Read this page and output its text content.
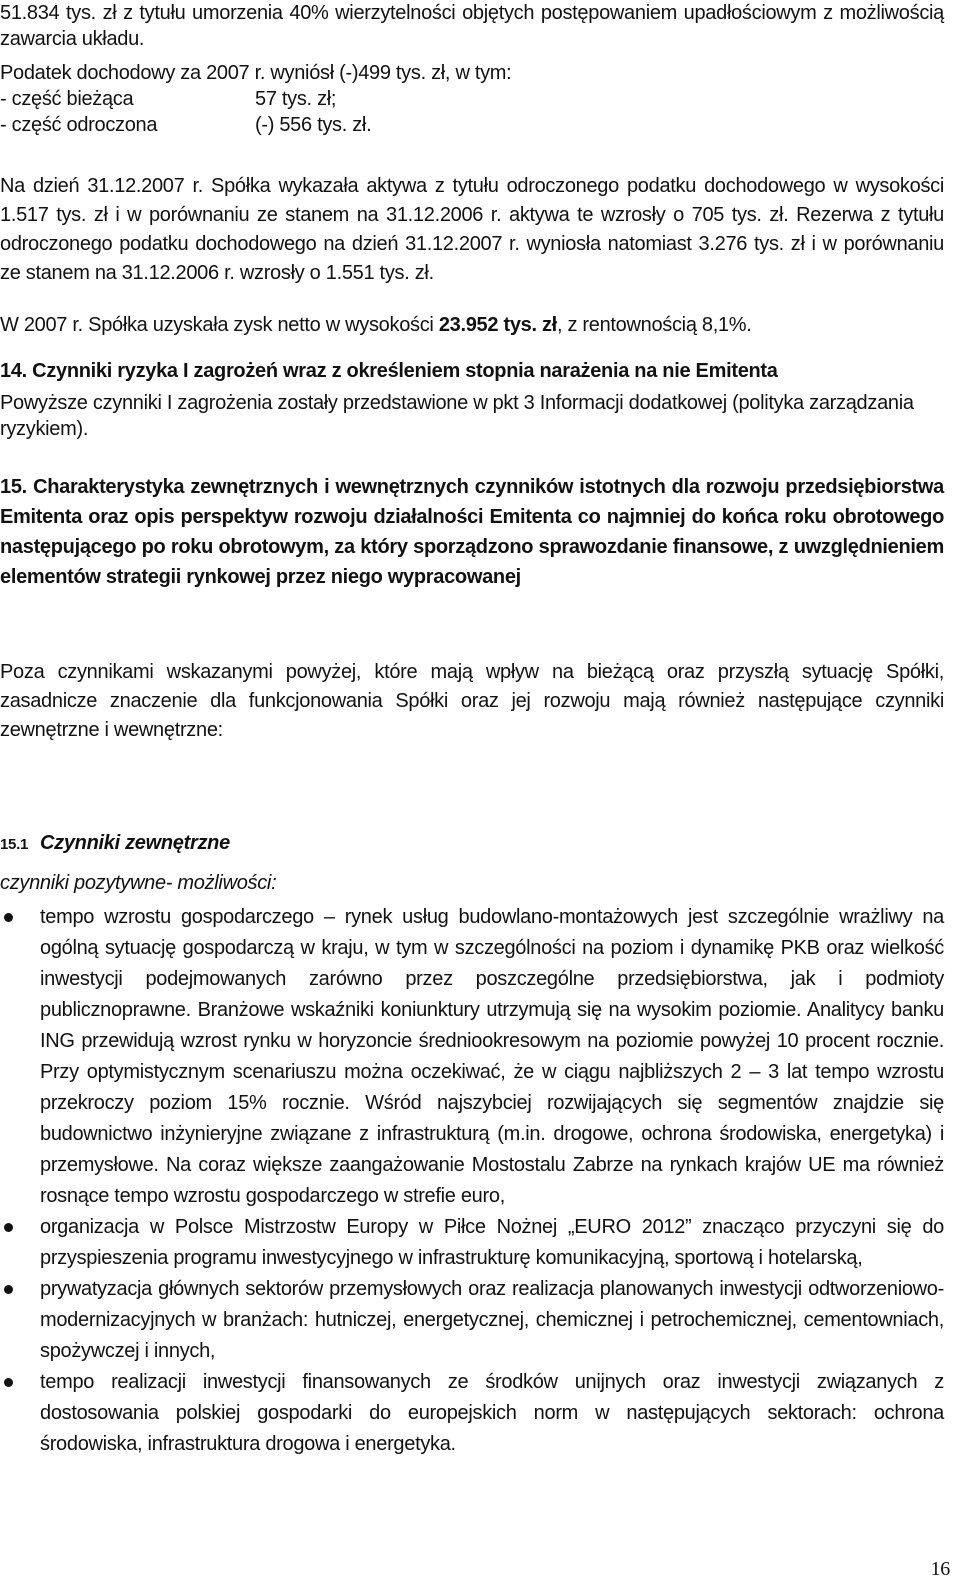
51.834 tys. zł z tytułu umorzenia 40% wierzytelności objętych postępowaniem upadłościowym z możliwością zawarcia układu.

Podatek dochodowy za 2007 r. wyniósł (-)499 tys. zł, w tym:

- część bieżąca	57 tys. zł;
- część odroczona	(-) 556 tys. zł.

Na dzień 31.12.2007 r. Spółka wykazała aktywa z tytułu odroczonego podatku dochodowego w wysokości 1.517 tys. zł i w porównaniu ze stanem na 31.12.2006 r. aktywa te wzrosły o 705 tys. zł. Rezerwa z tytułu odroczonego podatku dochodowego na dzień 31.12.2007 r. wyniosła natomiast 3.276 tys. zł i w porównaniu ze stanem na 31.12.2006 r. wzrosły o 1.551 tys. zł.

W 2007 r. Spółka uzyskała zysk netto w wysokości 23.952 tys. zł, z rentownością 8,1%.

14. Czynniki ryzyka I zagrożeń wraz z określeniem stopnia narażenia na nie Emitenta

Powyższe czynniki I zagrożenia zostały przedstawione w pkt 3 Informacji dodatkowej (polityka zarządzania ryzykiem).

15. Charakterystyka zewnętrznych i wewnętrznych czynników istotnych dla rozwoju przedsiębiorstwa Emitenta oraz opis perspektyw rozwoju działalności Emitenta co najmniej do końca roku obrotowego następującego po roku obrotowym, za który sporządzono sprawozdanie finansowe, z uwzględnieniem elementów strategii rynkowej przez niego wypracowanej

Poza czynnikami wskazanymi powyżej, które mają wpływ na bieżącą oraz przyszłą sytuację Spółki, zasadnicze znaczenie dla funkcjonowania Spółki oraz jej rozwoju mają również następujące czynniki zewnętrzne i wewnętrzne:

15.1 Czynniki zewnętrzne

czynniki pozytywne- możliwości:

tempo wzrostu gospodarczego – rynek usług budowlano-montażowych jest szczególnie wrażliwy na ogólną sytuację gospodarczą w kraju, w tym w szczególności na poziom i dynamikę PKB oraz wielkość inwestycji podejmowanych zarówno przez poszczególne przedsiębiorstwa, jak i podmioty publicznoprawne. Branżowe wskaźniki koniunktury utrzymują się na wysokim poziomie. Analitycy banku ING przewidują wzrost rynku w horyzoncie średniookresowym na poziomie powyżej 10 procent rocznie. Przy optymistycznym scenariuszu można oczekiwać, że w ciągu najbliższych 2 – 3 lat tempo wzrostu przekroczy poziom 15% rocznie. Wśród najszybciej rozwijających się segmentów znajdzie się budownictwo inżynieryjne związane z infrastrukturą (m.in. drogowe, ochrona środowiska, energetyka) i przemysłowe. Na coraz większe zaangażowanie Mostostalu Zabrze na rynkach krajów UE ma również rosnące tempo wzrostu gospodarczego w strefie euro,
organizacja w Polsce Mistrzostw Europy w Piłce Nożnej „EURO 2012” znacząco przyczyni się do przyspieszenia programu inwestycyjnego w infrastrukturę komunikacyjną, sportową i hotelarską,
prywatyzacja głównych sektorów przemysłowych oraz realizacja planowanych inwestycji odtworzeniowo-modernizacyjnych w branżach: hutniczej, energetycznej, chemicznej i petrochemicznej, cementowniach, spożywczej i innych,
tempo realizacji inwestycji finansowanych ze środków unijnych oraz inwestycji związanych z dostosowania polskiej gospodarki do europejskich norm w następujących sektorach: ochrona środowiska, infrastruktura drogowa i energetyka.
16
